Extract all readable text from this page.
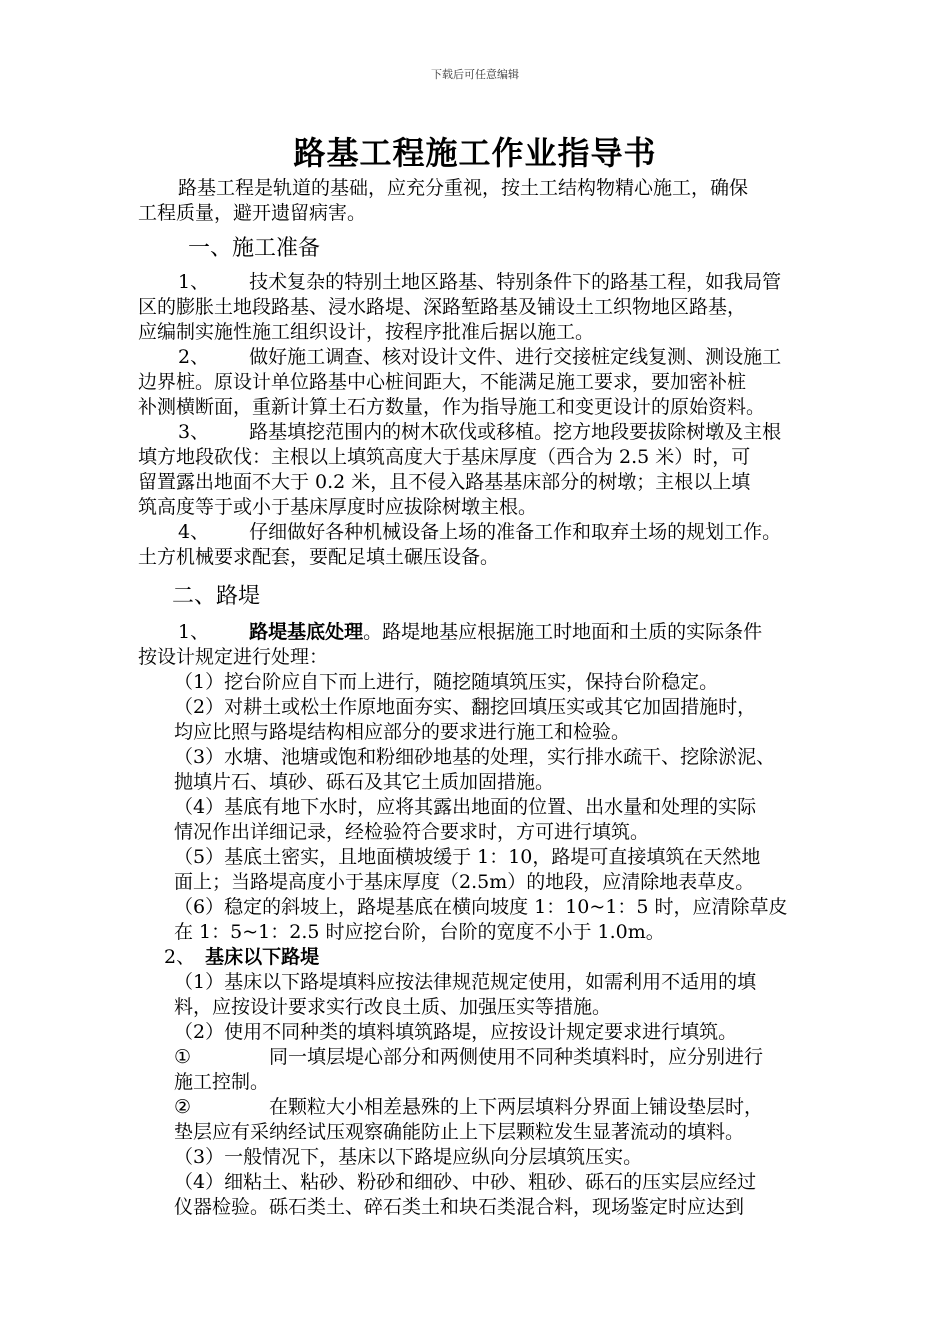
下载后可任意编辑
路基工程施工作业指导书

路基工程是轨道的基础，应充分重视，按土工结构物精心施工，确保

工程质量，避开遗留病害。

一、施工准备

1、 技术复杂的特别土地区路基、特别条件下的路基工程，如我局管

区的膨胀土地段路基、浸水路堤、深路堑路基及铺设土工织物地区路基，

应编制实施性施工组织设计，按程序批准后据以施工。

2、 做好施工调查、核对设计文件、进行交接桩定线复测、测设施工

边界桩。原设计单位路基中心桩间距大，不能满足施工要求，要加密补桩

补测横断面，重新计算土石方数量，作为指导施工和变更设计的原始资料。

3、 路基填挖范围内的树木砍伐或移植。挖方地段要拔除树墩及主根

填方地段砍伐：主根以上填筑高度大于基床厚度（西合为 2.5 米）时，可

留置露出地面不大于 0.2 米，且不侵入路基基床部分的树墩；主根以上填

筑高度等于或小于基床厚度时应拔除树墩主根。

4、 仔细做好各种机械设备上场的准备工作和取弃土场的规划工作。

土方机械要求配套，要配足填土碾压设备。

二、路堤

1、 路堤基底处理。路堤地基应根据施工时地面和土质的实际条件

按设计规定进行处理：

（1）挖台阶应自下而上进行，随挖随填筑压实，保持台阶稳定。

（2）对耕土或松土作原地面夯实、翻挖回填压实或其它加固措施时，

均应比照与路堤结构相应部分的要求进行施工和检验。

（3）水塘、池塘或饱和粉细砂地基的处理，实行排水疏干、挖除淤泥、

抛填片石、填砂、砾石及其它土质加固措施。

（4）基底有地下水时，应将其露出地面的位置、出水量和处理的实际

情况作出详细记录，经检验符合要求时，方可进行填筑。

（5）基底土密实，且地面横坡缓于 1：10，路堤可直接填筑在天然地

面上；当路堤高度小于基床厚度（2.5m）的地段，应清除地表草皮。

（6）稳定的斜坡上，路堤基底在横向坡度 1：10~1：5 时，应清除草皮

在 1：5~1：2.5 时应挖台阶，台阶的宽度不小于 1.0m。

2、 基床以下路堤

（1）基床以下路堤填料应按法律规范规定使用，如需利用不适用的填

料，应按设计要求实行改良土质、加强压实等措施。

（2）使用不同种类的填料填筑路堤，应按设计规定要求进行填筑。

①	同一填层堤心部分和两侧使用不同种类填料时，应分别进行

施工控制。

②	在颗粒大小相差悬殊的上下两层填料分界面上铺设垫层时，

垫层应有采纳经试压观察确能防止上下层颗粒发生显著流动的填料。

（3）一般情况下，基床以下路堤应纵向分层填筑压实。

（4）细粘土、粘砂、粉砂和细砂、中砂、粗砂、砾石的压实层应经过

仪器检验。砾石类土、碎石类土和块石类混合料，现场鉴定时应达到
